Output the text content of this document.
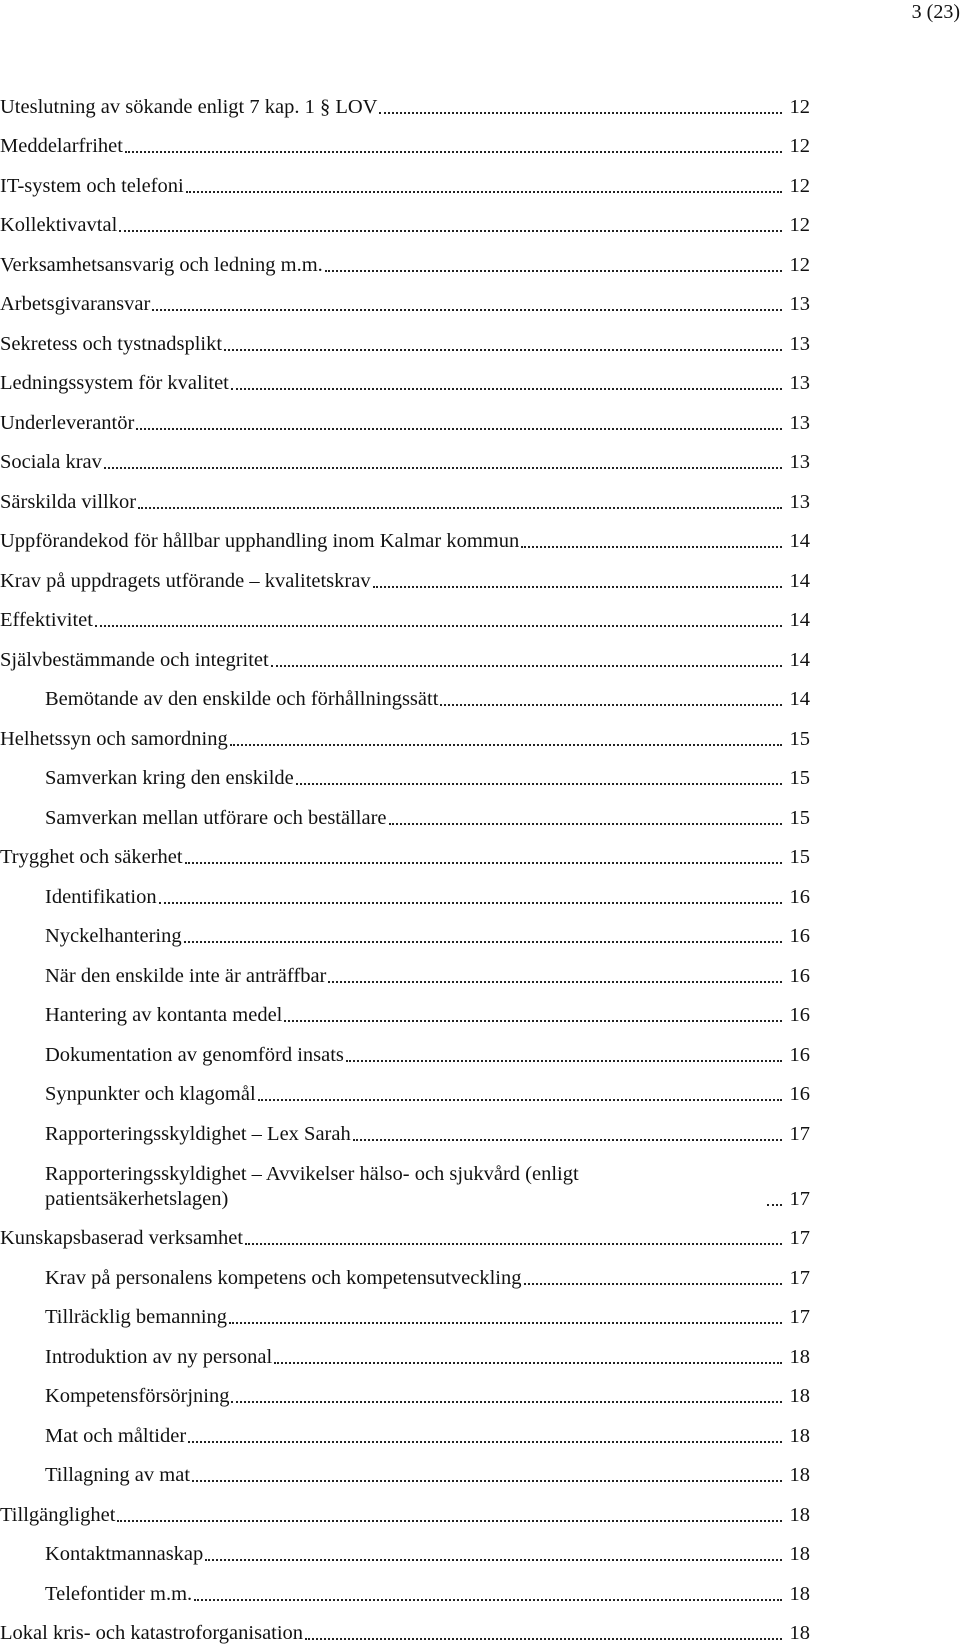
3 (23)
Uteslutning av sökande enligt 7 kap. 1 § LOV	12
Meddelarfrihet	12
IT-system och telefoni	12
Kollektivavtal	12
Verksamhetsansvarig och ledning m.m.	12
Arbetsgivaransvar	13
Sekretess och tystnadsplikt	13
Ledningssystem för kvalitet	13
Underleverantör	13
Sociala krav	13
Särskilda villkor	13
Uppförandekod för hållbar upphandling inom Kalmar kommun	14
Krav på uppdragets utförande – kvalitetskrav	14
Effektivitet	14
Självbestämmande och integritet	14
Bemötande av den enskilde och förhållningssätt	14
Helhetssyn och samordning	15
Samverkan kring den enskilde	15
Samverkan mellan utförare och beställare	15
Trygghet och säkerhet	15
Identifikation	16
Nyckelhantering	16
När den enskilde inte är anträffbar	16
Hantering av kontanta medel	16
Dokumentation av genomförd insats	16
Synpunkter och klagomål	16
Rapporteringsskyldighet – Lex Sarah	17
Rapporteringsskyldighet – Avvikelser hälso- och sjukvård (enligt patientsäkerhetslagen)	17
Kunskapsbaserad verksamhet	17
Krav på personalens kompetens och kompetensutveckling	17
Tillräcklig bemanning	17
Introduktion av ny personal	18
Kompetensförsörjning	18
Mat och måltider	18
Tillagning av mat	18
Tillgänglighet	18
Kontaktmannaskap	18
Telefontider m.m.	18
Lokal kris- och katastroforganisation	18
